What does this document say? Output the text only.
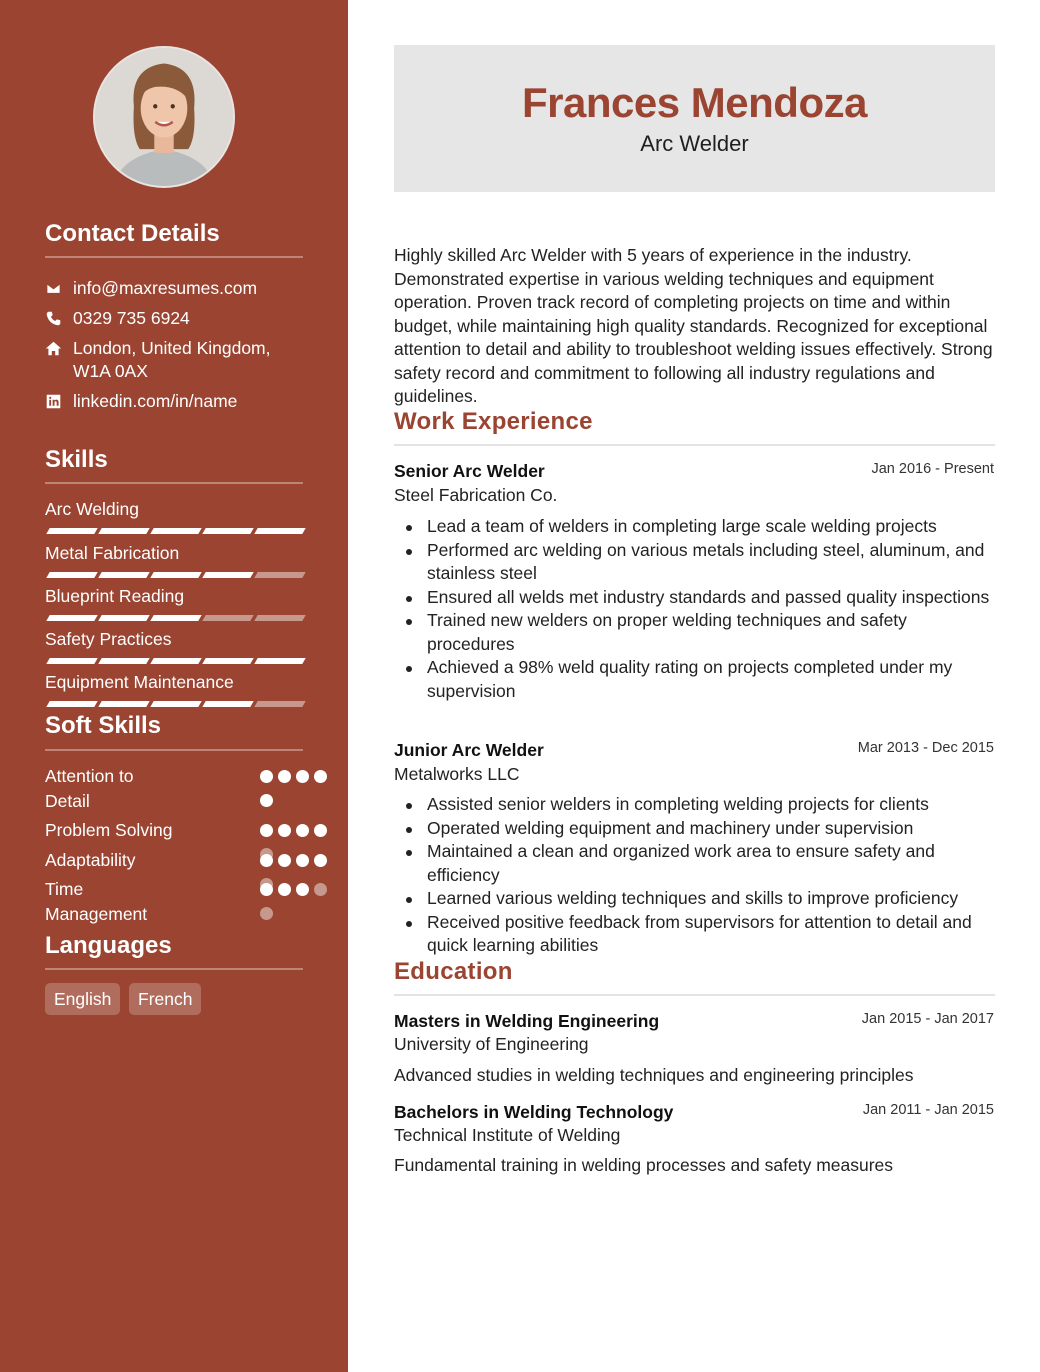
Contact Details
info@maxresumes.com
0329 735 6924
London, United Kingdom, W1A 0AX
linkedin.com/in/name
Skills
Arc Welding
Metal Fabrication
Blueprint Reading
Safety Practices
Equipment Maintenance
Soft Skills
Attention to Detail
Problem Solving
Adaptability
Time Management
Languages
English	French
Frances Mendoza
Arc Welder
Highly skilled Arc Welder with 5 years of experience in the industry. Demonstrated expertise in various welding techniques and equipment operation. Proven track record of completing projects on time and within budget, while maintaining high quality standards. Recognized for exceptional attention to detail and ability to troubleshoot welding issues effectively. Strong safety record and commitment to following all industry regulations and guidelines.
Work Experience
Senior Arc Welder	Jan 2016 - Present
Steel Fabrication Co.
Lead a team of welders in completing large scale welding projects
Performed arc welding on various metals including steel, aluminum, and stainless steel
Ensured all welds met industry standards and passed quality inspections
Trained new welders on proper welding techniques and safety procedures
Achieved a 98% weld quality rating on projects completed under my supervision
Junior Arc Welder	Mar 2013 - Dec 2015
Metalworks LLC
Assisted senior welders in completing welding projects for clients
Operated welding equipment and machinery under supervision
Maintained a clean and organized work area to ensure safety and efficiency
Learned various welding techniques and skills to improve proficiency
Received positive feedback from supervisors for attention to detail and quick learning abilities
Education
Masters in Welding Engineering	Jan 2015 - Jan 2017
University of Engineering
Advanced studies in welding techniques and engineering principles
Bachelors in Welding Technology	Jan 2011 - Jan 2015
Technical Institute of Welding
Fundamental training in welding processes and safety measures
